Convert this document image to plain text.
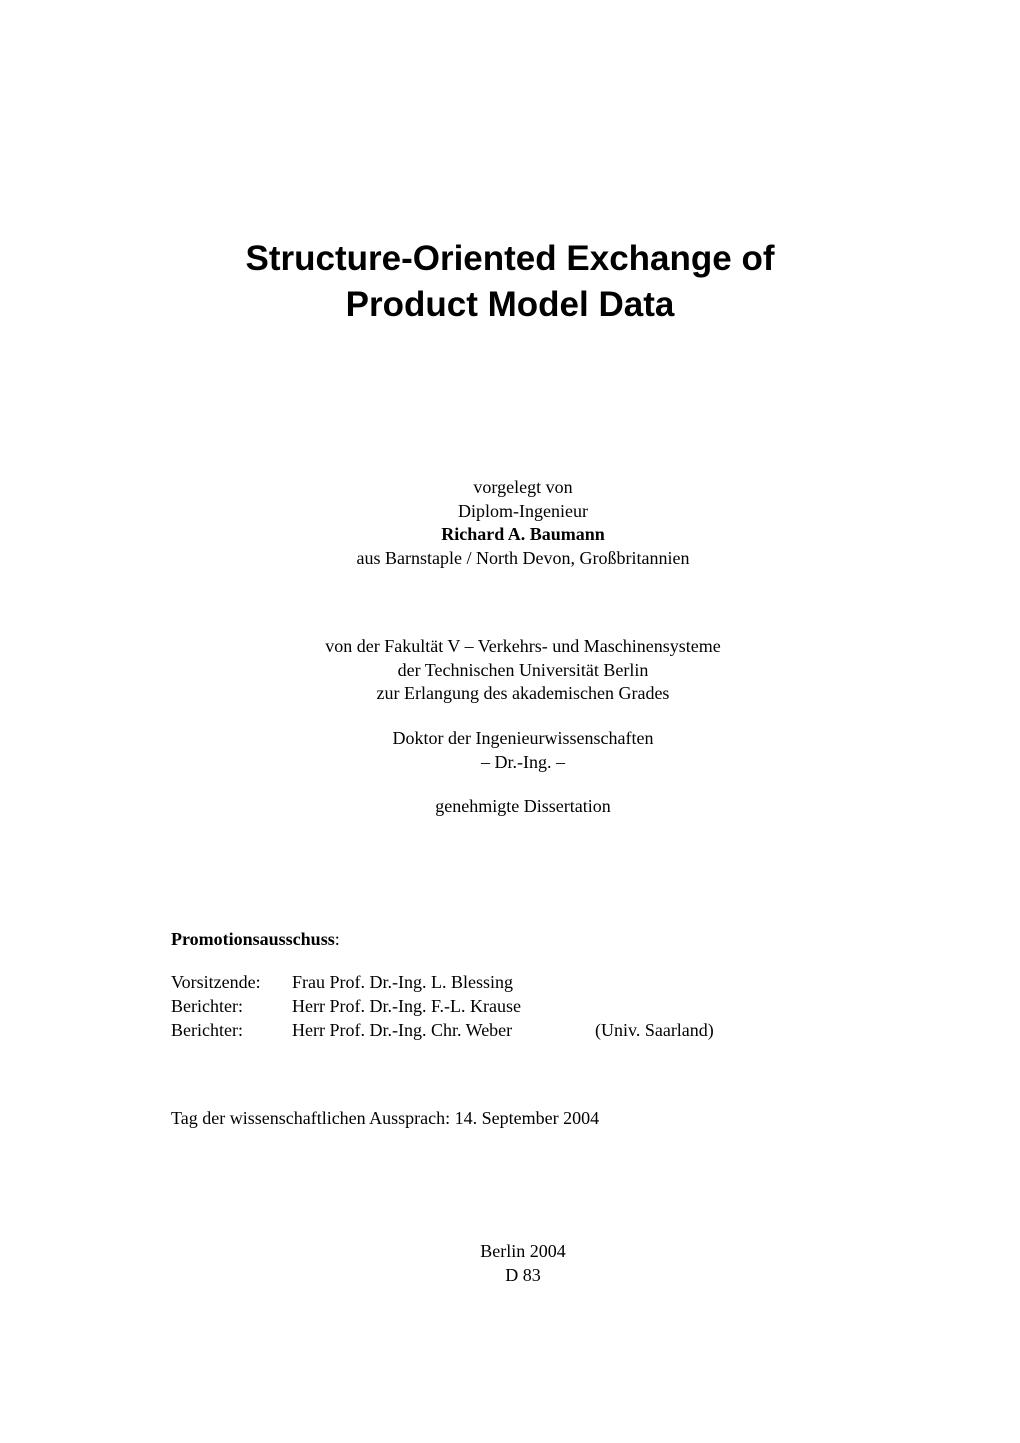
Structure-Oriented Exchange of
Product Model Data
vorgelegt von
Diplom-Ingenieur
Richard A. Baumann
aus Barnstaple / North Devon, Großbritannien
von der Fakultät V – Verkehrs- und Maschinensysteme
der Technischen Universität Berlin
zur Erlangung des akademischen Grades
Doktor der Ingenieurwissenschaften
– Dr.-Ing. –
genehmigte Dissertation
Promotionsausschuss:
Vorsitzende: Frau Prof. Dr.-Ing. L. Blessing
Berichter:	Herr Prof. Dr.-Ing. F.-L. Krause
Berichter:	Herr Prof. Dr.-Ing. Chr. Weber	(Univ. Saarland)
Tag der wissenschaftlichen Aussprach: 14. September 2004
Berlin 2004
D 83
